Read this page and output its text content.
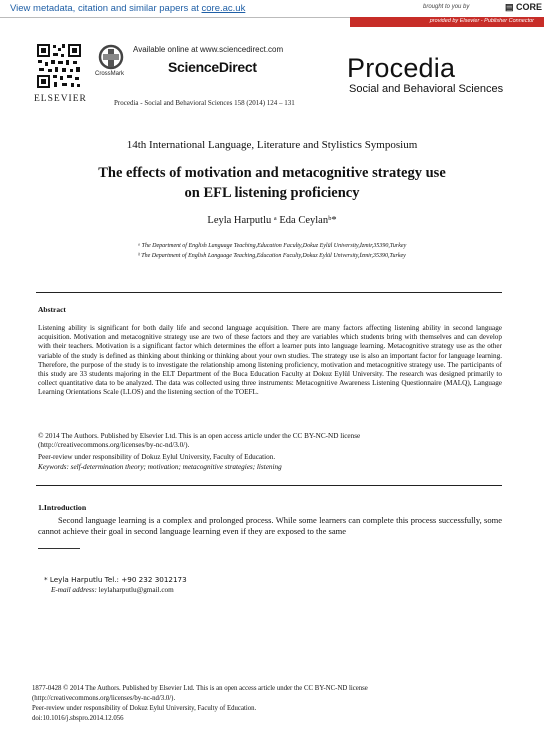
View metadata, citation and similar papers at core.ac.uk	brought to you by	▤ CORE
provided by Elsevier - Publisher Connector
ELSEVIER
CrossMark
Available online at www.sciencedirect.com
ScienceDirect
Procedia - Social and Behavioral Sciences 158 (2014) 124 – 131
Procedia
Social and Behavioral Sciences
14th International Language, Literature and Stylistics Symposium
The effects of motivation and metacognitive strategy use
on EFL listening proficiency
Leyla Harputlu ᵃ Eda Ceylanᵇ*
ᵃ The Department of English Language Teaching,Education Faculty,Dokuz Eylül University,İzmir,35390,Turkey
ᵇ The Department of English Language Teaching,Education Faculty,Dokuz Eylül University,İzmir,35390,Turkey
Abstract
Listening ability is significant for both daily life and second language acquisition. There are many factors affecting listening ability in second language acquisition. Motivation and metacognitive strategy use are two of these factors and they are variables which students bring with themselves and can develop with their teachers. Motivation is a significant factor which determines the effort a learner puts into language learning. Metacognitive strategy use as the other variable of the study is defined as thinking about thinking or thinking about your own studies. The strategy use is also an important factor for language learning. Therefore, the purpose of the study is to investigate the relationship among listening proficiency, motivation and metacognitive strategy use. The participants of this study are 33 students majoring in the ELT Department of the Buca Education Faculty at Dokuz Eylül University. The research was designed primarily to collect quantitative data to be analyzed. The data was collected using three instruments: Metacognitive Awareness Listening Questionnaire (MALQ), Language Learning Orientations Scale (LLOS) and the listening section of the TOEFL.
© 2014 The Authors. Published by Elsevier Ltd. This is an open access article under the CC BY-NC-ND license
(http://creativecommons.org/licenses/by-nc-nd/3.0/).
Peer-review under responsibility of Dokuz Eylul University, Faculty of Education.
Keywords: self-determination theory; motivation; metacognitive strategies; listening
1.Introduction
Second language learning is a complex and prolonged process. While some learners can complete this process successfully, some cannot achieve their goal in second language learning even if they are exposed to the same
* Leyla Harputlu Tel.: +90 232 3012173
E-mail address: leylaharputlu@gmail.com
1877-0428 © 2014 The Authors. Published by Elsevier Ltd. This is an open access article under the CC BY-NC-ND license
(http://creativecommons.org/licenses/by-nc-nd/3.0/).
Peer-review under responsibility of Dokuz Eylul University, Faculty of Education.
doi:10.1016/j.sbspro.2014.12.056
